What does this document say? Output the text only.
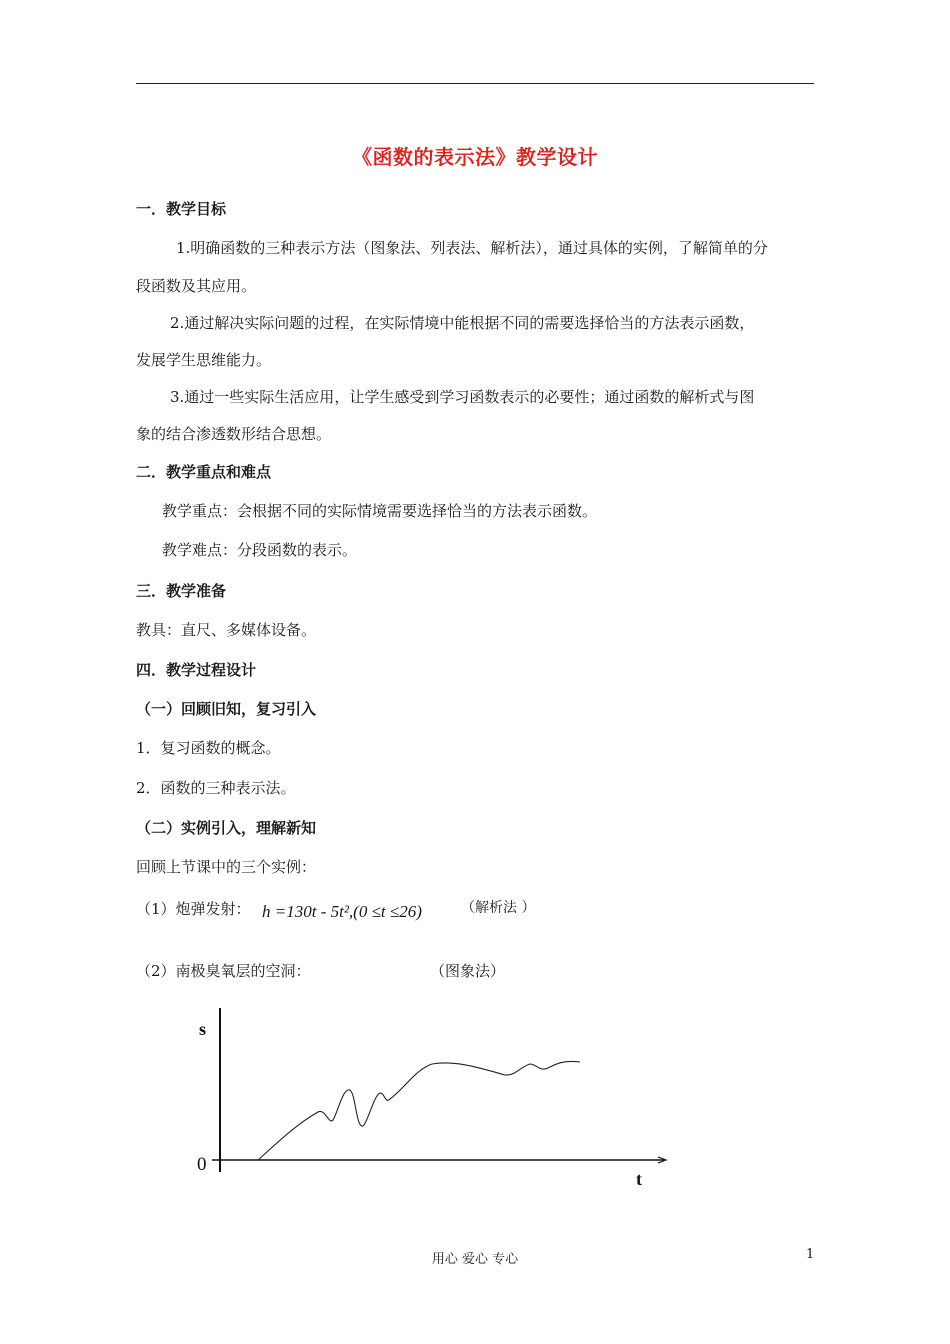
《函数的表示法》教学设计
一．教学目标
1.明确函数的三种表示方法（图象法、列表法、解析法），通过具体的实例，了解简单的分
段函数及其应用。
2.通过解决实际问题的过程，在实际情境中能根据不同的需要选择恰当的方法表示函数，
发展学生思维能力。
3.通过一些实际生活应用，让学生感受到学习函数表示的必要性；通过函数的解析式与图
象的结合渗透数形结合思想。
二．教学重点和难点
教学重点：会根据不同的实际情境需要选择恰当的方法表示函数。
教学难点：分段函数的表示。
三．教学准备
教具：直尺、多媒体设备。
四．教学过程设计
（一）回顾旧知，复习引入
1．复习函数的概念。
2．函数的三种表示法。
（二）实例引入，理解新知
回顾上节课中的三个实例：
（1）炮弹发射： h =130t - 5t²,(0 ≤t ≤26)	（解析法 ）
（2）南极臭氧层的空洞：	（图象法）
s
t
0
用心 爱心 专心	1
